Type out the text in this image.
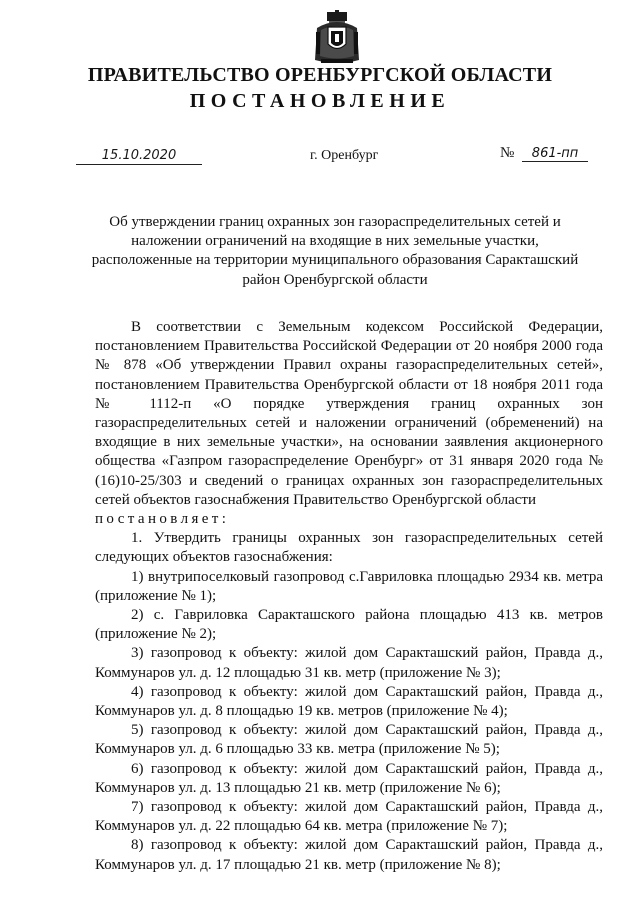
ПРАВИТЕЛЬСТВО ОРЕНБУРГСКОЙ ОБЛАСТИ
ПОСТАНОВЛЕНИЕ
15.10.2020	г. Оренбург	№ 861-пп
Об утверждении границ охранных зон газораспределительных сетей и наложении ограничений на входящие в них земельные участки, расположенные на территории муниципального образования Саракташский район Оренбургской области

В соответствии с Земельным кодексом Российской Федерации, постановлением Правительства Российской Федерации от 20 ноября 2000 года № 878 «Об утверждении Правил охраны газораспределительных сетей», постановлением Правительства Оренбургской области от 18 ноября 2011 года № 1112-п «О порядке утверждения границ охранных зон газораспределительных сетей и наложении ограничений (обременений) на входящие в них земельные участки», на основании заявления акционерного общества «Газпром газораспределение Оренбург» от 31 января 2020 года № (16)10-25/303 и сведений о границах охранных зон газораспределительных сетей объектов газоснабжения Правительство Оренбургской области

постановляет:

1. Утвердить границы охранных зон газораспределительных сетей следующих объектов газоснабжения:

1) внутрипоселковый газопровод с.Гавриловка площадью 2934 кв. метра (приложение № 1);

2) с. Гавриловка Саракташского района площадью 413 кв. метров (приложение № 2);

3) газопровод к объекту: жилой дом Саракташский район, Правда д., Коммунаров ул. д. 12 площадью 31 кв. метр (приложение № 3);

4) газопровод к объекту: жилой дом Саракташский район, Правда д., Коммунаров ул. д. 8 площадью 19 кв. метров (приложение № 4);

5) газопровод к объекту: жилой дом Саракташский район, Правда д., Коммунаров ул. д. 6 площадью 33 кв. метра (приложение № 5);

6) газопровод к объекту: жилой дом Саракташский район, Правда д., Коммунаров ул. д. 13 площадью 21 кв. метр (приложение № 6);

7) газопровод к объекту: жилой дом Саракташский район, Правда д., Коммунаров ул. д. 22 площадью 64 кв. метра (приложение № 7);

8) газопровод к объекту: жилой дом Саракташский район, Правда д., Коммунаров ул. д. 17 площадью 21 кв. метр (приложение № 8);
